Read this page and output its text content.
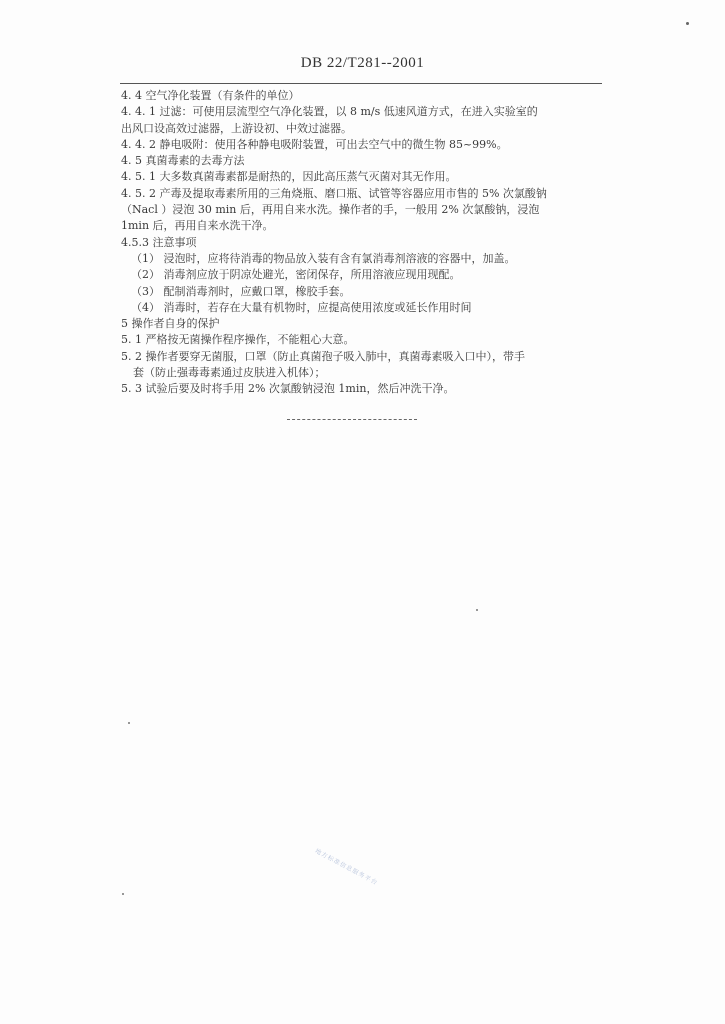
DB 22/T281--2001
4. 4 空气净化装置（有条件的单位）
4. 4. 1 过滤：可使用层流型空气净化装置，以 8 m/s 低速风道方式，在进入实验室的
出风口设高效过滤器，上游设初、中效过滤器。
4. 4. 2 静电吸附：使用各种静电吸附装置，可出去空气中的微生物 85~99%。
4. 5 真菌毒素的去毒方法
4. 5. 1 大多数真菌毒素都是耐热的，因此高压蒸气灭菌对其无作用。
4. 5. 2 产毒及提取毒素所用的三角烧瓶、磨口瓶、试管等容器应用市售的 5% 次氯酸钠
（Nacl ）浸泡 30 min 后，再用自来水洗。操作者的手，一般用 2% 次氯酸钠，浸泡
1min 后，再用自来水洗干净。
4.5.3 注意事项
（1） 浸泡时，应将待消毒的物品放入装有含有氯消毒剂溶液的容器中，加盖。
（2） 消毒剂应放于阴凉处避光，密闭保存，所用溶液应现用现配。
（3） 配制消毒剂时，应戴口罩，橡胶手套。
（4） 消毒时，若存在大量有机物时，应提高使用浓度或延长作用时间
5 操作者自身的保护
5. 1 严格按无菌操作程序操作，不能粗心大意。
5. 2 操作者要穿无菌服，口罩（防止真菌孢子吸入肺中，真菌毒素吸入口中），带手
套（防止强毒毒素通过皮肤进入机体）；
5. 3 试验后要及时将手用 2% 次氯酸钠浸泡 1min，然后冲洗干净。
地方标准信息服务平台
